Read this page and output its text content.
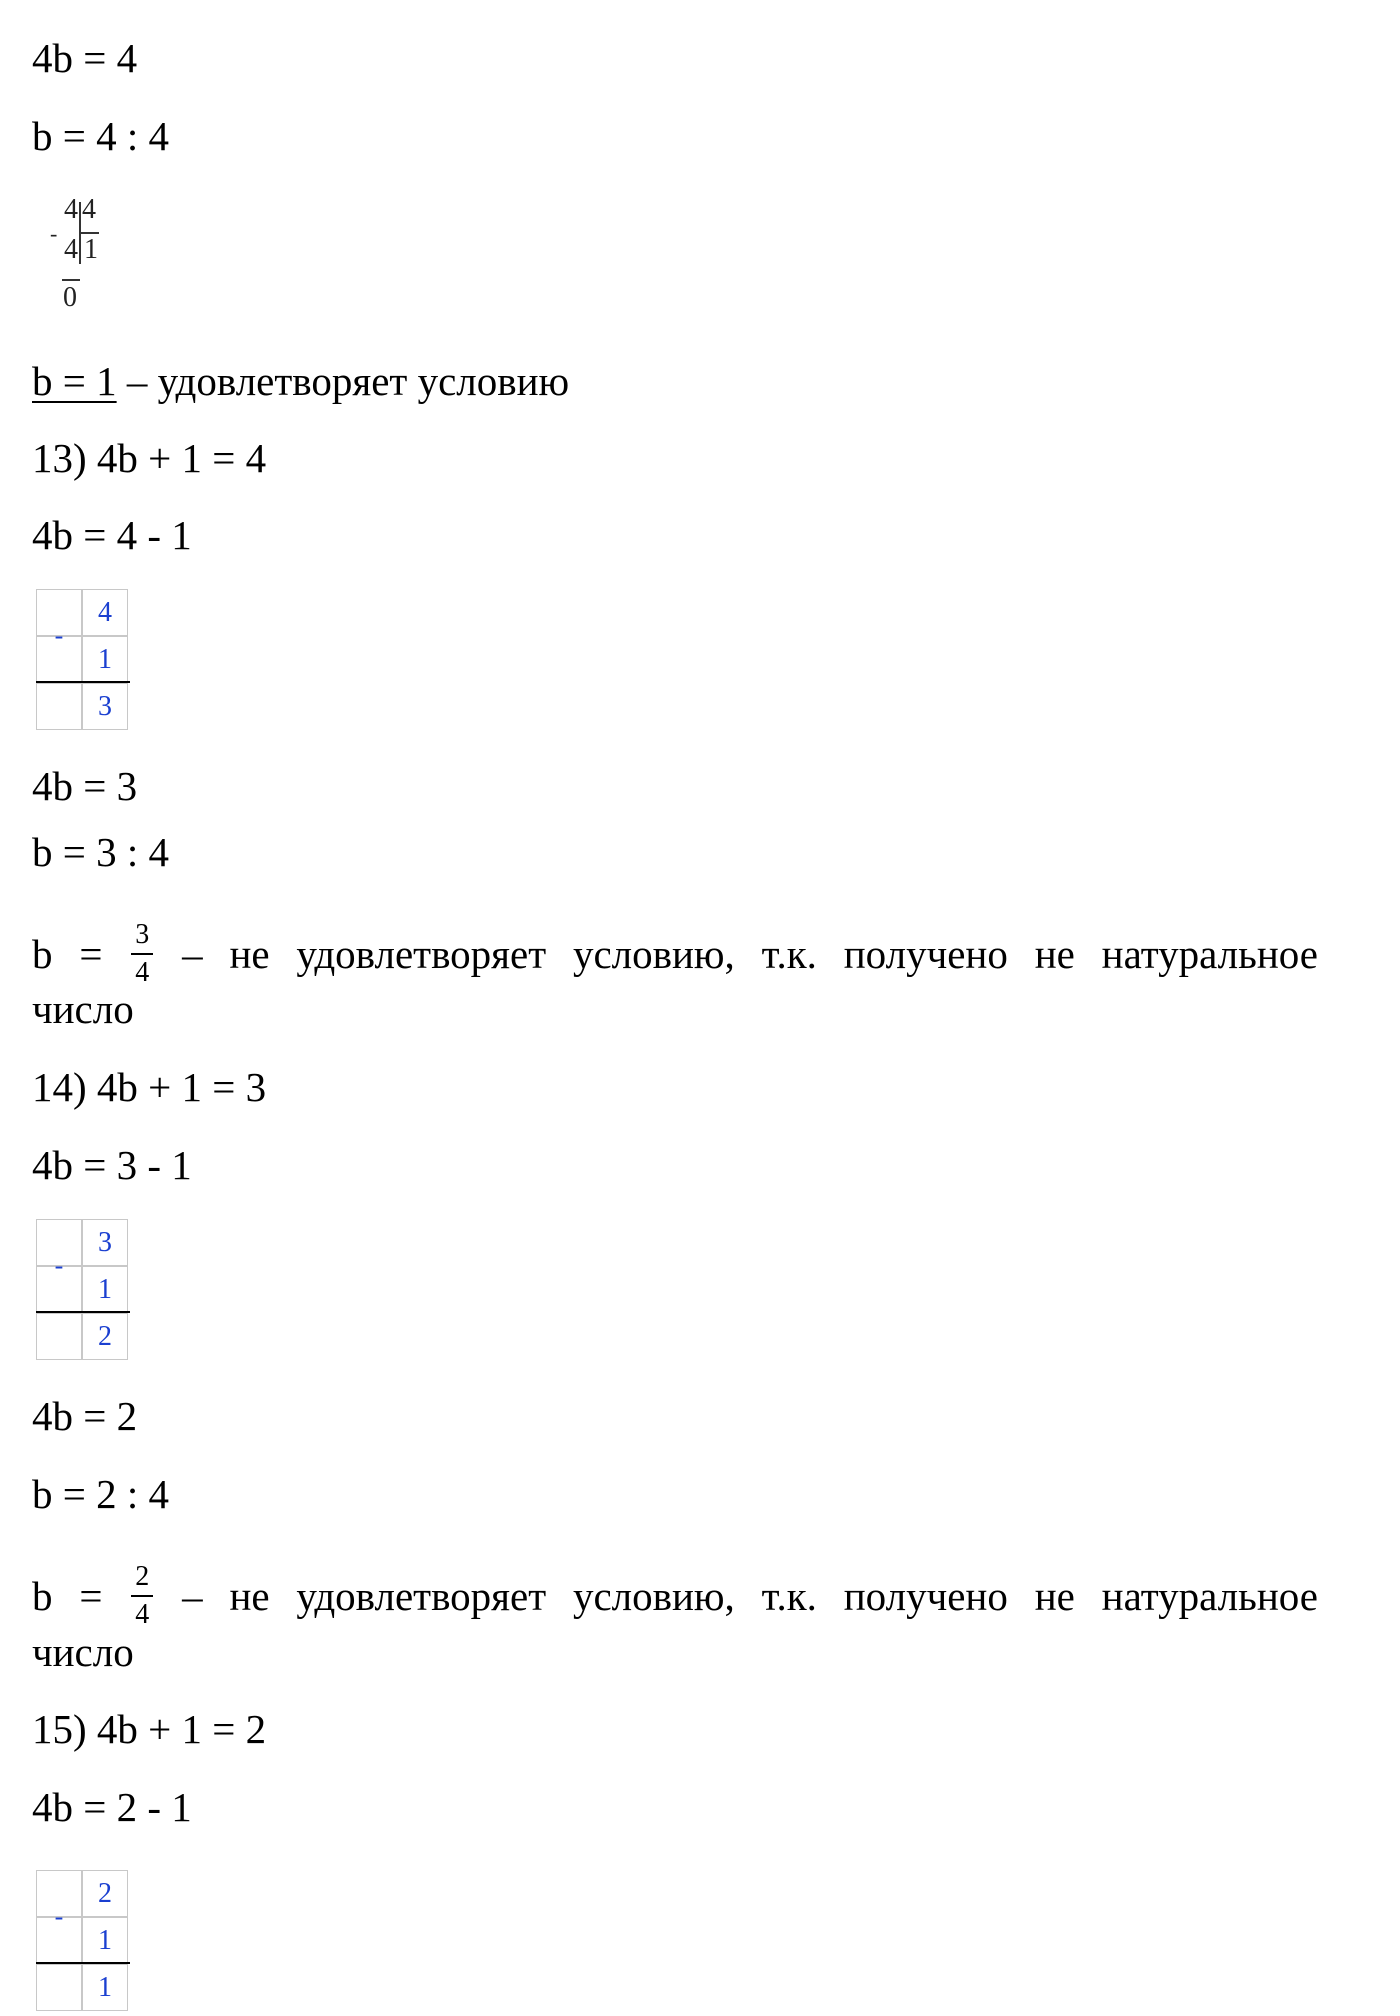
4b = 4
b = 4 : 4
4 4
-
4 1
0
b = 1 – удовлетворяет условию
13) 4b + 1 = 4
4b = 4 - 1
-
4
1
3
4b = 3
b = 3 : 4
$b = \frac{3}{4}$ – не удовлетворяет условию, т.к. получено не натуральное
число
14) 4b + 1 = 3
4b = 3 - 1
-
3
1
2
4b = 2
b = 2 : 4
$b = \frac{2}{4}$ – не удовлетворяет условию, т.к. получено не натуральное
число
15) 4b + 1 = 2
4b = 2 - 1
-
2
1
1
